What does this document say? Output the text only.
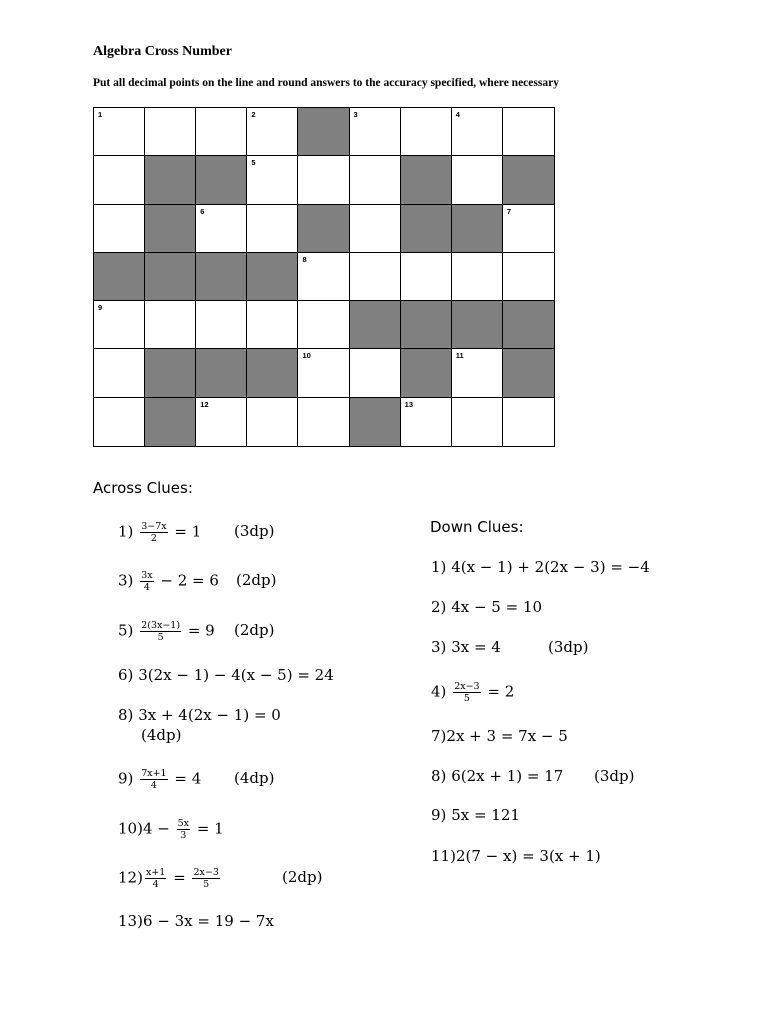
Algebra Cross Number
Put all decimal points on the line and round answers to the accuracy specified, where necessary
1	2	3	4
5
6	7
8
9
10	11
12	13
Across Clues:
$1) \frac{3-7x}{2} = 1$ (3dp)
$3) \frac{3x}{4} - 2 = 6$ (2dp)
$5) \frac{2(3x-1)}{5} = 9$ (2dp)
6) 3(2x − 1) − 4(x − 5) = 24
8) 3x + 4(2x − 1) = 0
(4dp)
$9) \frac{7x+1}{4} = 4$ (4dp)
$10)4 - \frac{5x}{3} = 1$
$12) \frac{x+1}{4} = \frac{2x-3}{5}$	(2dp)
13)6 − 3x = 19 − 7x
Down Clues:
1) 4(x − 1) + 2(2x − 3) = −4
2) 4x − 5 = 10
3) 3x = 4	(3dp)
$4) \frac{2x-3}{5} = 2$
7)2x + 3 = 7x − 5
8) 6(2x + 1) = 17 (3dp)
9) 5x = 121
11)2(7 − x) = 3(x + 1)
